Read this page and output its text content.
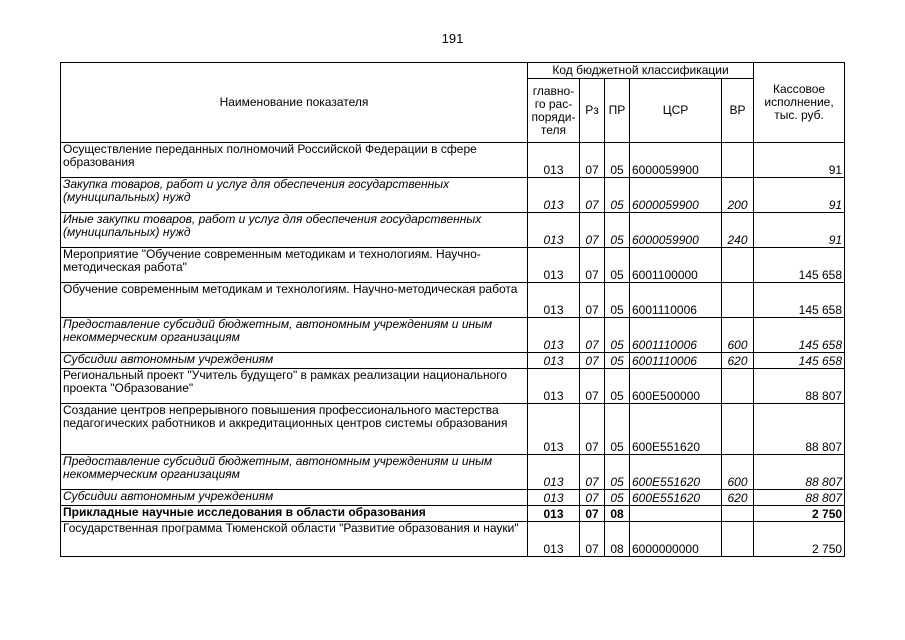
191
Наименование показателя	Код бюджетной классификации					Кассовое исполнение, тыс. руб.
	главно-го рас-поряди-теля	Рз	ПР	ЦСР	ВР	
Осуществление переданных полномочий Российской Федерации в сфере образования	013	07	05	6000059900		91
Закупка товаров, работ и услуг для обеспечения государственных (муниципальных) нужд	013	07	05	6000059900	200	91
Иные закупки товаров, работ и услуг для обеспечения государственных (муниципальных) нужд	013	07	05	6000059900	240	91
Мероприятие "Обучение современным методикам и технологиям. Научно-методическая работа"	013	07	05	6001100000		145 658
Обучение современным методикам и технологиям. Научно-методическая работа	013	07	05	6001110006		145 658
Предоставление субсидий бюджетным, автономным учреждениям и иным некоммерческим организациям	013	07	05	6001110006	600	145 658
Субсидии автономным учреждениям	013	07	05	6001110006	620	145 658
Региональный проект "Учитель будущего" в рамках реализации национального проекта "Образование"	013	07	05	600E500000		88 807
Создание центров непрерывного повышения профессионального мастерства педагогических работников и аккредитационных центров системы образования	013	07	05	600E551620		88 807
Предоставление субсидий бюджетным, автономным учреждениям и иным некоммерческим организациям	013	07	05	600E551620	600	88 807
Субсидии автономным учреждениям	013	07	05	600E551620	620	88 807
Прикладные научные исследования в области образования	013	07	08			2 750
Государственная программа Тюменской области "Развитие образования и науки"	013	07	08	6000000000		2 750
